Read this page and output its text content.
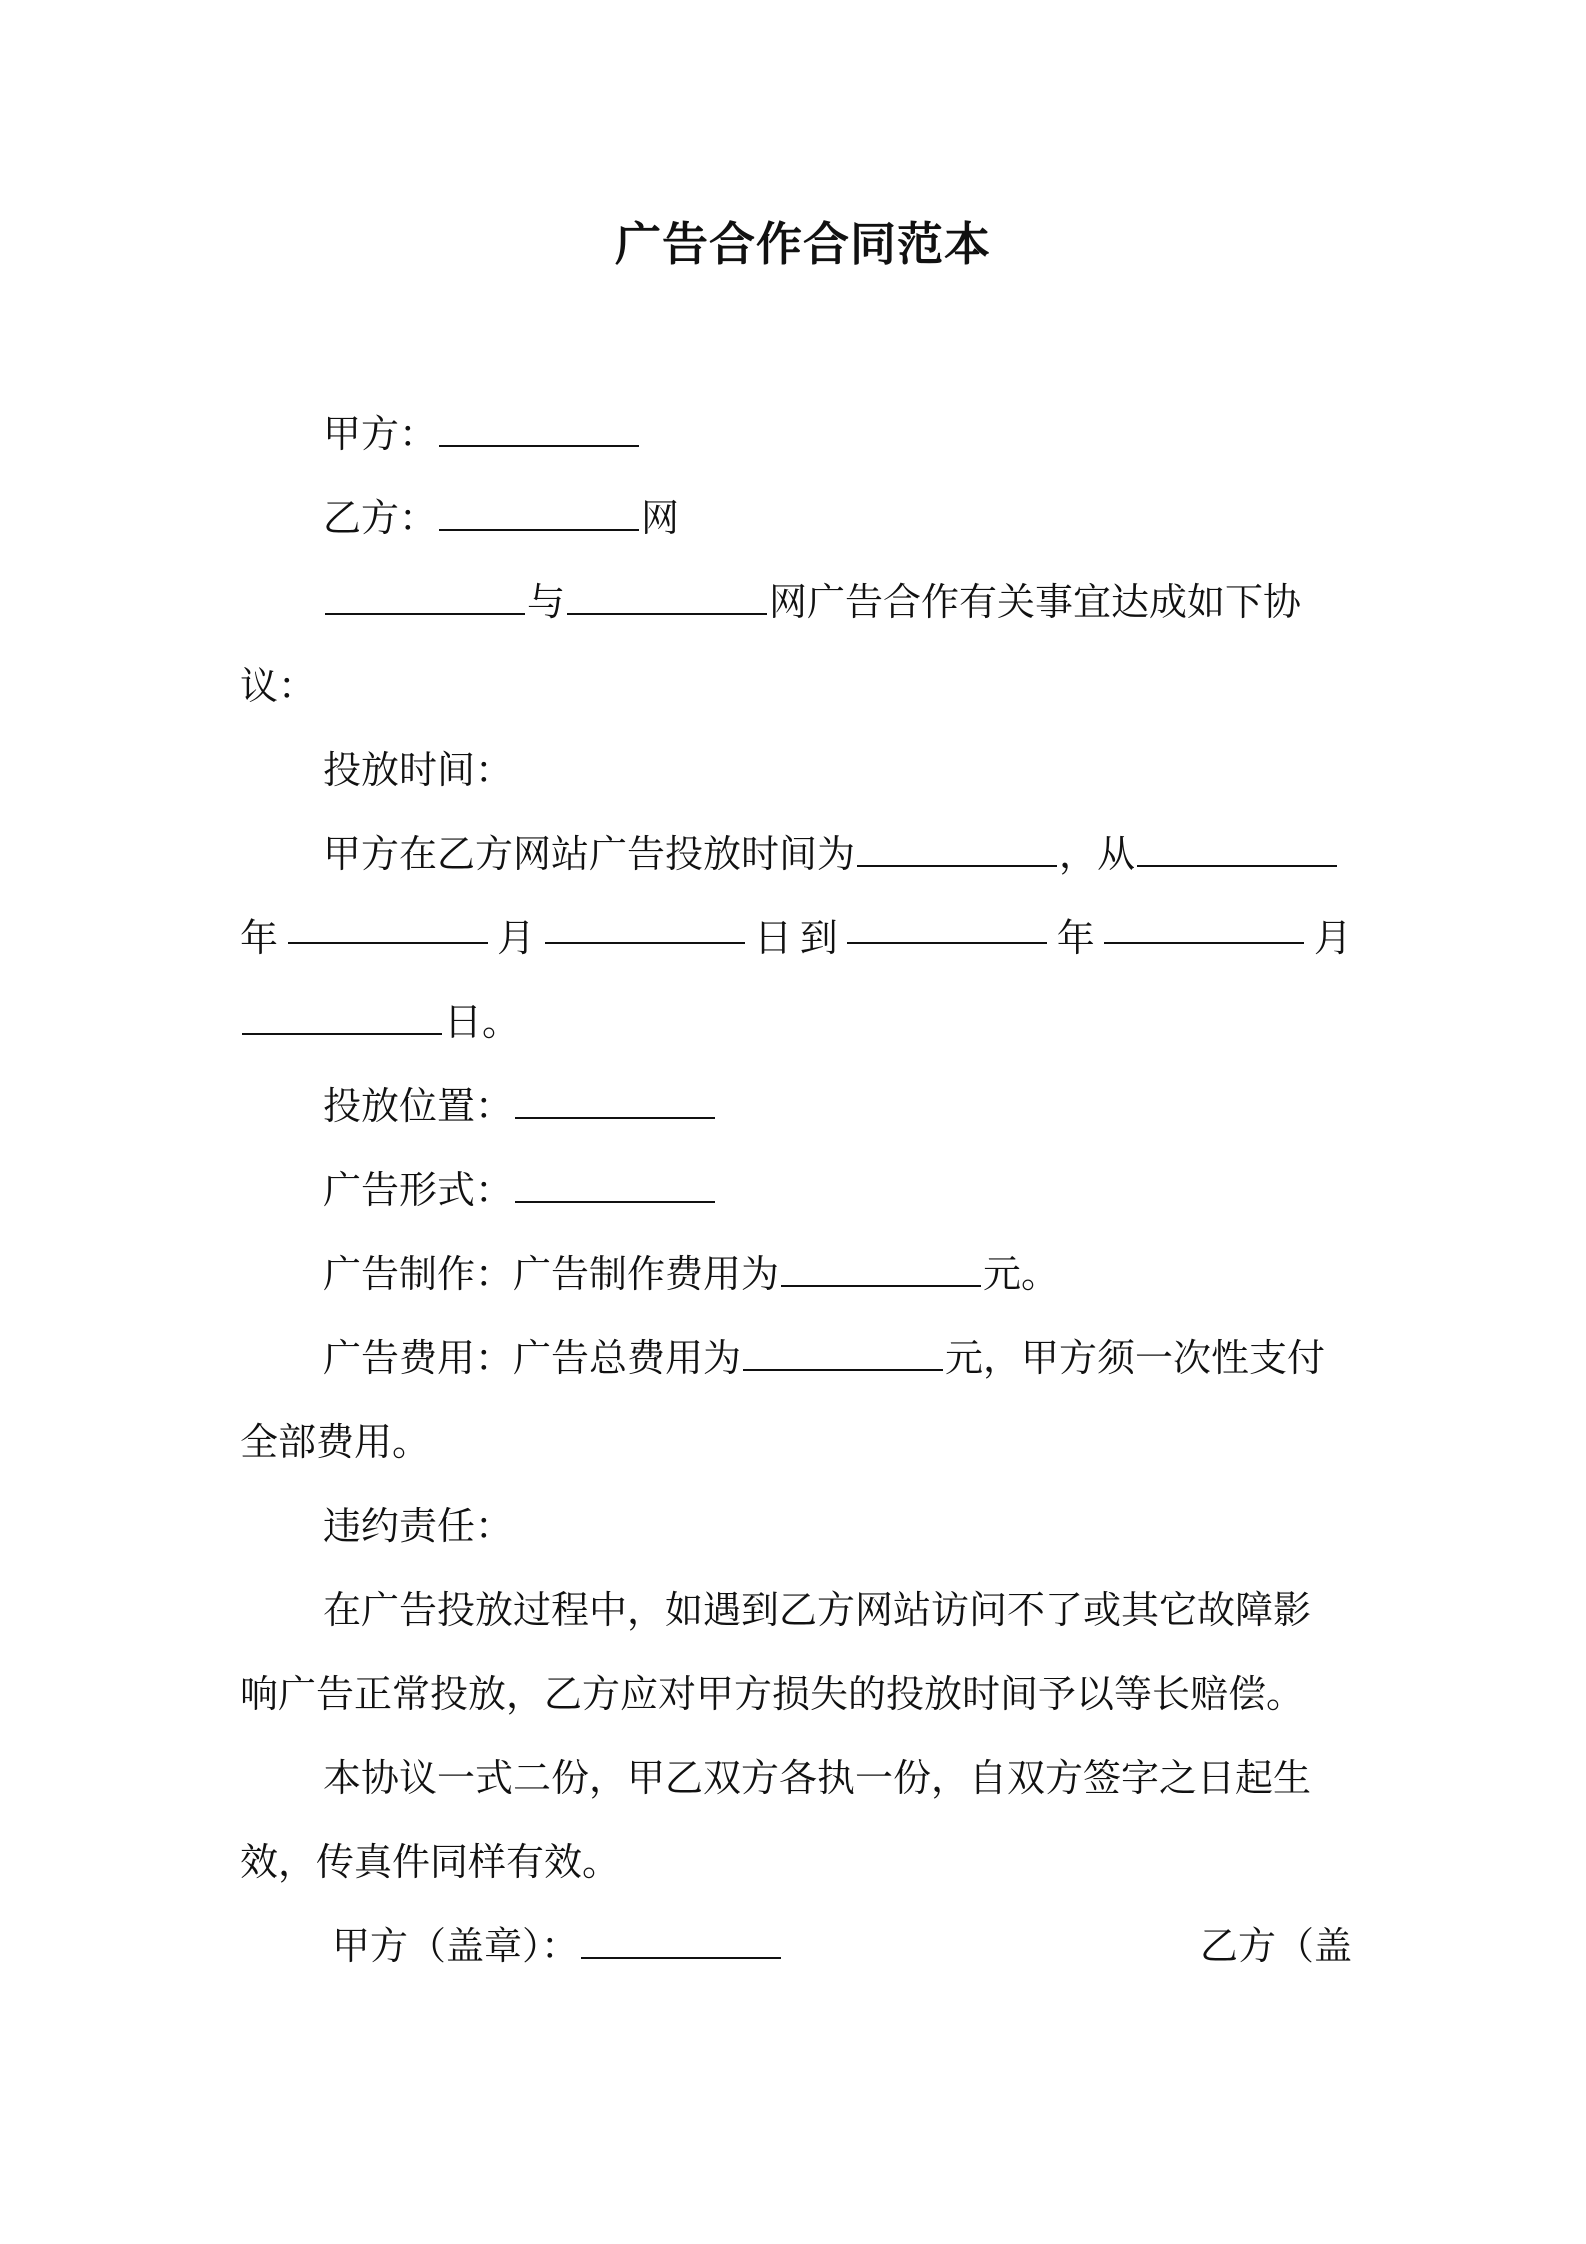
广告合作合同范本
甲方：
乙方：	网
与	网广告合作有关事宜达成如下协
议：
投放时间：
甲方在乙方网站广告投放时间为	，从
年	月	日 到	年	月
日。
投放位置：
广告形式：
广告制作：广告制作费用为	元。
广告费用：广告总费用为	元，甲方须一次性支付
全部费用。
违约责任：
在广告投放过程中，如遇到乙方网站访问不了或其它故障影
响广告正常投放，乙方应对甲方损失的投放时间予以等长赔偿。
本协议一式二份，甲乙双方各执一份，自双方签字之日起生
效，传真件同样有效。
甲方（盖章）：	乙方（盖
